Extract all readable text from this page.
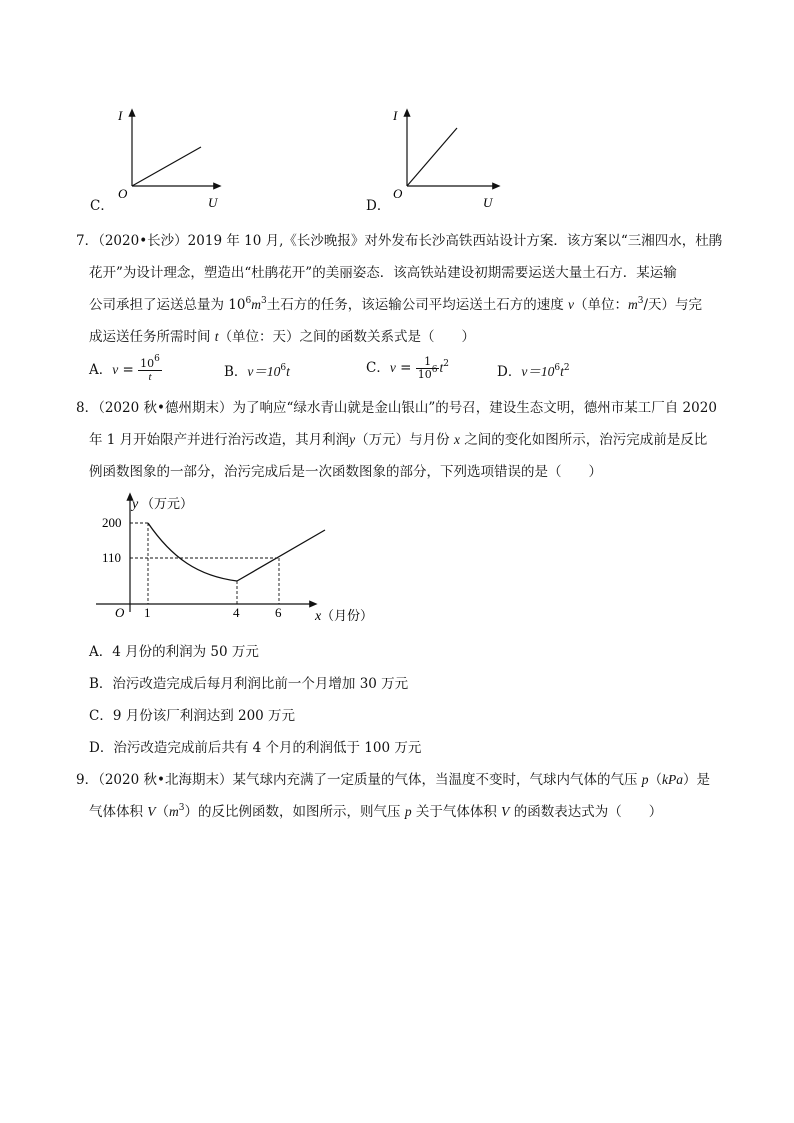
I
O
U
C．
I
O
U
D．
7．（2020•长沙）2019 年 10 月,《长沙晚报》对外发布长沙高铁西站设计方案．该方案以“三湘四水，杜鹃
花开”为设计理念，塑造出“杜鹃花开”的美丽姿态．该高铁站建设初期需要运送大量土石方．某运输
公司承担了运送总量为 $10^6m^3$土石方的任务，该运输公司平均运送土石方的速度 v（单位：$m^3/$天）与完
成运送任务所需时间 t（单位：天）之间的函数关系式是（　　）
A．$v = \frac{10^6}{t}$	B．$v=10^6t$	C．$v = \frac{1}{10^6} t^2$	D．$v=10^6t^2$
8．（2020 秋•德州期末）为了响应“绿水青山就是金山银山”的号召，建设生态文明，德州市某工厂自 2020
年 1 月开始限产并进行治污改造，其月利润y（万元）与月份 x 之间的变化如图所示，治污完成前是反比
例函数图象的一部分，治污完成后是一次函数图象的部分，下列选项错误的是（　　）
y （万元）
200
110
O 1	4	6 x （月份）
A．4 月份的利润为 50 万元
B．治污改造完成后每月利润比前一个月增加 30 万元
C．9 月份该厂利润达到 200 万元
D．治污改造完成前后共有 4 个月的利润低于 100 万元
9．（2020 秋•北海期末）某气球内充满了一定质量的气体，当温度不变时，气球内气体的气压 p（kPa）是
气体体积 $V(m^3)$的反比例函数，如图所示，则气压 p 关于气体体积 V 的函数表达式为（　　）
